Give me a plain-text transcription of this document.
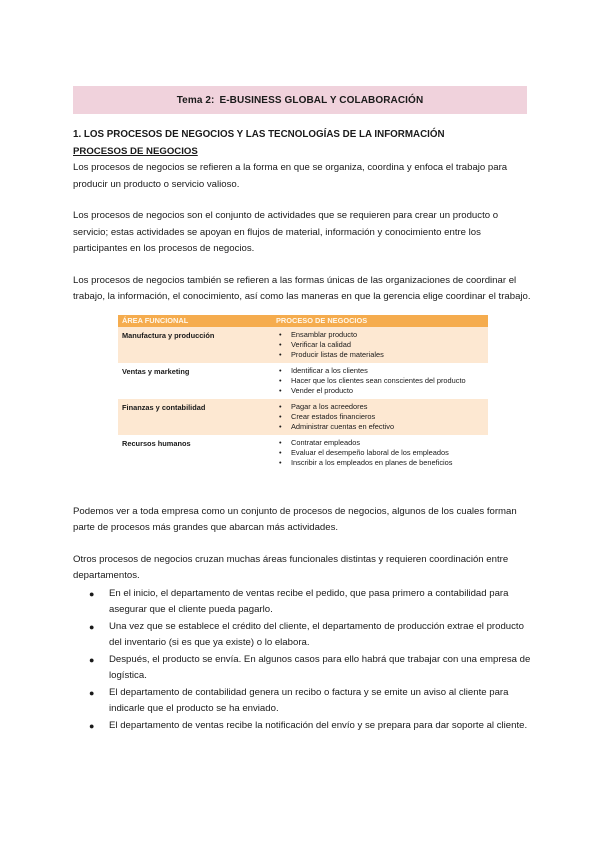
Tema 2: E-BUSINESS GLOBAL Y COLABORACIÓN

1. LOS PROCESOS DE NEGOCIOS Y LAS TECNOLOGÍAS DE LA INFORMACIÓN

PROCESOS DE NEGOCIOS

Los procesos de negocios se refieren a la forma en que se organiza, coordina y enfoca el trabajo para producir un producto o servicio valioso.

Los procesos de negocios son el conjunto de actividades que se requieren para crear un producto o servicio; estas actividades se apoyan en flujos de material, información y conocimiento entre los participantes en los procesos de negocios.

Los procesos de negocios también se refieren a las formas únicas de las organizaciones de coordinar el trabajo, la información, el conocimiento, así como las maneras en que la gerencia elige coordinar el trabajo.

ÁREA FUNCIONAL	PROCESO DE NEGOCIOS
Manufactura y producción	• Ensamblar producto
• Verificar la calidad
• Producir listas de materiales
Ventas y marketing	• Identificar a los clientes
• Hacer que los clientes sean conscientes del producto
• Vender el producto
Finanzas y contabilidad	• Pagar a los acreedores
• Crear estados financieros
• Administrar cuentas en efectivo
Recursos humanos	• Contratar empleados
• Evaluar el desempeño laboral de los empleados
• Inscribir a los empleados en planes de beneficios

Podemos ver a toda empresa como un conjunto de procesos de negocios, algunos de los cuales forman parte de procesos más grandes que abarcan más actividades.

Otros procesos de negocios cruzan muchas áreas funcionales distintas y requieren coordinación entre departamentos.

● En el inicio, el departamento de ventas recibe el pedido, que pasa primero a contabilidad para asegurar que el cliente pueda pagarlo.
● Una vez que se establece el crédito del cliente, el departamento de producción extrae el producto del inventario (si es que ya existe) o lo elabora.
● Después, el producto se envía. En algunos casos para ello habrá que trabajar con una empresa de logística.
● El departamento de contabilidad genera un recibo o factura y se emite un aviso al cliente para indicarle que el producto se ha enviado.
● El departamento de ventas recibe la notificación del envío y se prepara para dar soporte al cliente.
